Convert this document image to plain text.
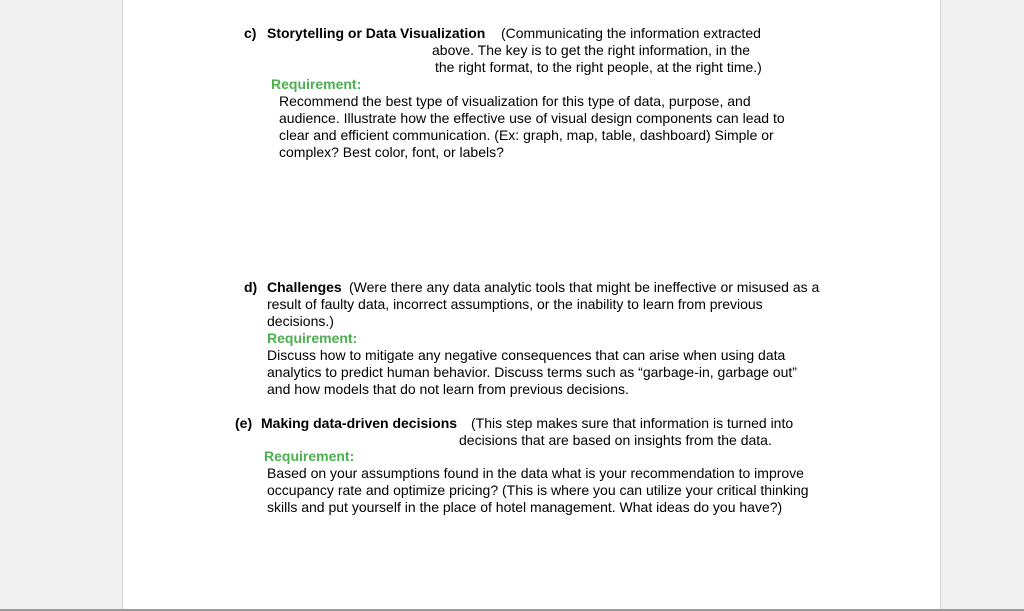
c) Storytelling or Data Visualization (Communicating the information extracted
above. The key is to get the right information, in the
the right format, to the right people, at the right time.)
Requirement:
Recommend the best type of visualization for this type of data, purpose, and
audience. Illustrate how the effective use of visual design components can lead to
clear and efficient communication. (Ex: graph, map, table, dashboard) Simple or
complex? Best color, font, or labels?
d) Challenges (Were there any data analytic tools that might be ineffective or misused as a
result of faulty data, incorrect assumptions, or the inability to learn from previous
decisions.)
Requirement:
Discuss how to mitigate any negative consequences that can arise when using data
analytics to predict human behavior. Discuss terms such as “garbage-in, garbage out”
and how models that do not learn from previous decisions.
(e) Making data-driven decisions (This step makes sure that information is turned into
decisions that are based on insights from the data.
Requirement:
Based on your assumptions found in the data what is your recommendation to improve
occupancy rate and optimize pricing? (This is where you can utilize your critical thinking
skills and put yourself in the place of hotel management. What ideas do you have?)
